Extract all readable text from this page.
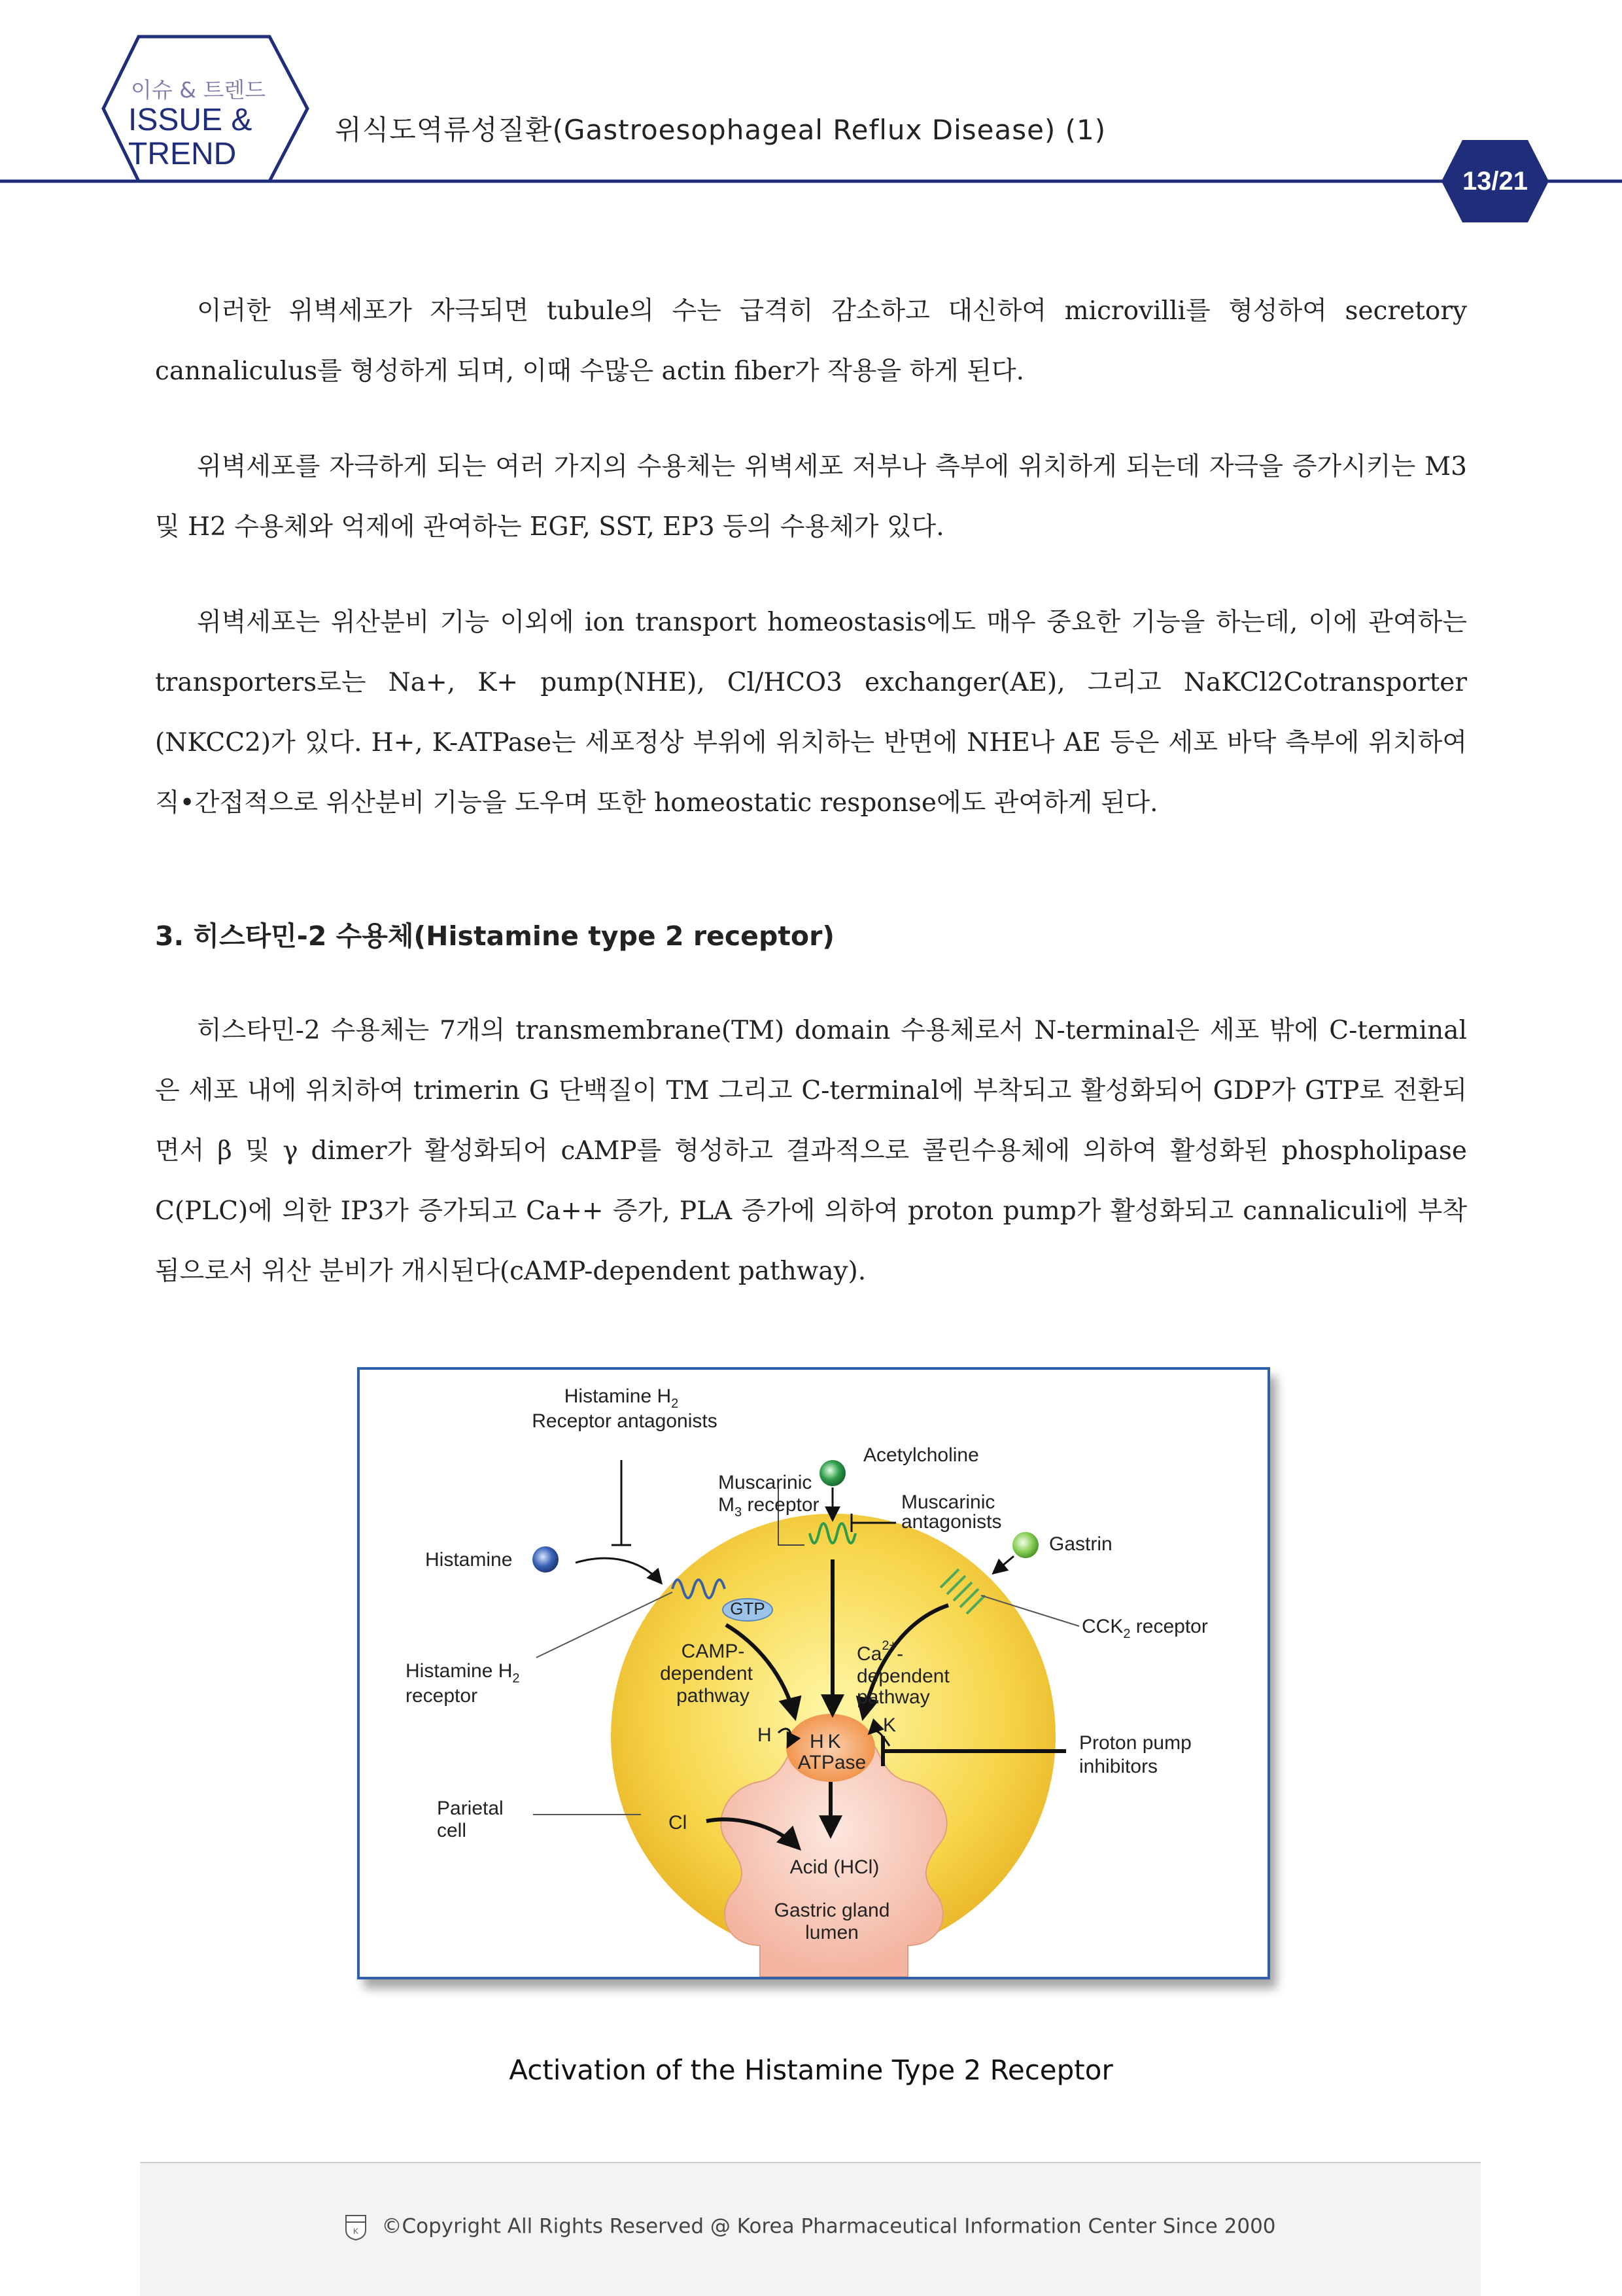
이슈 & 트렌드
ISSUE &
TREND
위식도역류성질환(Gastroesophageal Reflux Disease) (1)
13/21

이러한 위벽세포가 자극되면 tubule의 수는 급격히 감소하고 대신하여 microvilli를 형성하여 secretory cannaliculus를 형성하게 되며, 이때 수많은 actin fiber가 작용을 하게 된다.

위벽세포를 자극하게 되는 여러 가지의 수용체는 위벽세포 저부나 측부에 위치하게 되는데 자극을 증가시키는 M3 및 H2 수용체와 억제에 관여하는 EGF, SST, EP3 등의 수용체가 있다.

위벽세포는 위산분비 기능 이외에 ion transport homeostasis에도 매우 중요한 기능을 하는데, 이에 관여하는 transporters로는 Na+, K+ pump(NHE), Cl/HCO3 exchanger(AE), 그리고 NaKCl2Cotransporter (NKCC2)가 있다. H+, K-ATPase는 세포정상 부위에 위치하는 반면에 NHE나 AE 등은 세포 바닥 측부에 위치하여 직•간접적으로 위산분비 기능을 도우며 또한 homeostatic response에도 관여하게 된다.

3. 히스타민-2 수용체(Histamine type 2 receptor)

히스타민-2 수용체는 7개의 transmembrane(TM) domain 수용체로서 N-terminal은 세포 밖에 C-terminal은 세포 내에 위치하여 trimerin G 단백질이 TM 그리고 C-terminal에 부착되고 활성화되어 GDP가 GTP로 전환되면서 β 및 γ dimer가 활성화되어 cAMP를 형성하고 결과적으로 콜린수용체에 의하여 활성화된 phospholipase C(PLC)에 의한 IP3가 증가되고 Ca++ 증가, PLA 증가에 의하여 proton pump가 활성화되고 cannaliculi에 부착됨으로서 위산 분비가 개시된다(cAMP-dependent pathway).

GTP
Histamine $H_2$
Receptor antagonists
Acetylcholine
Muscarinic
$M_3$ receptor	Muscarinic
antagonists
Gastrin
Histamine
$CCK_2$ receptor
Histamine $H_2$
receptor
CAMP-
dependent
pathway
$Ca^{2+}-$
dependent
pathway
H	K
H K
ATPase
Proton pump
inhibitors
Parietal
cell	Cl
Acid (HCl)
Gastric gland
lumen
Activation of the Histamine Type 2 Receptor
K ©Copyright All Rights Reserved @ Korea Pharmaceutical Information Center Since 2000
